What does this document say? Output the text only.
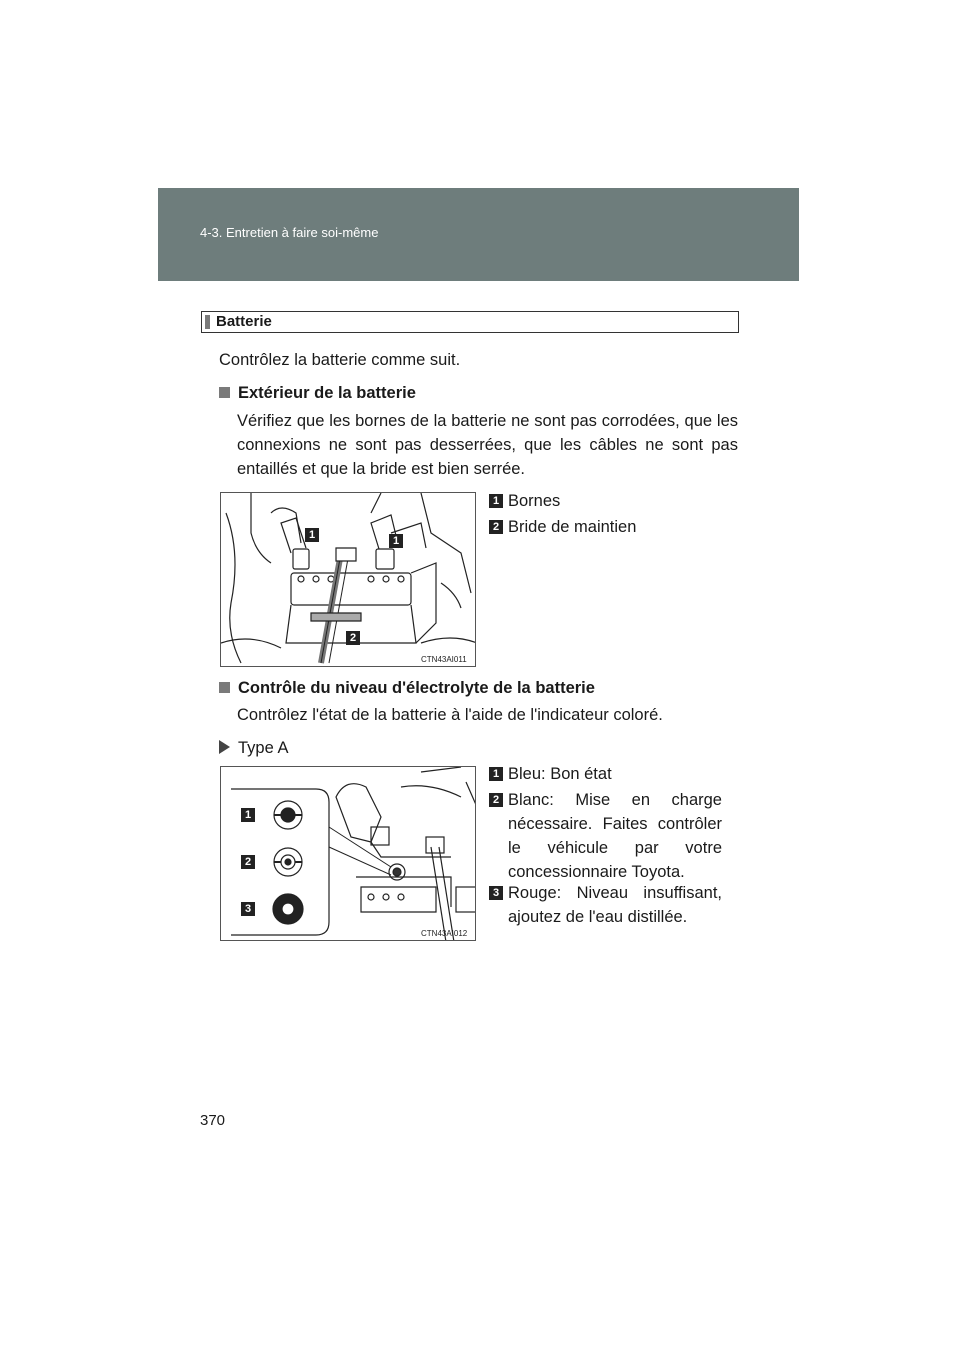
4-3. Entretien à faire soi-même
Batterie
Contrôlez la batterie comme suit.
Extérieur de la batterie
Vérifiez que les bornes de la batterie ne sont pas corrodées, que les connexions ne sont pas desserrées, que les câbles ne sont pas entaillés et que la bride est bien serrée.
CTN43AI011
1	1
2
1 Bornes
2 Bride de maintien
Contrôle du niveau d'électrolyte de la batterie
Contrôlez l'état de la batterie à l'aide de l'indicateur coloré.
Type A
CTN43AI012
1
2
3
1 Bleu: Bon état
2 Blanc: Mise en charge nécessaire. Faites contrôler le véhicule par votre concessionnaire Toyota.
3 Rouge: Niveau insuffisant, ajoutez de l'eau distillée.
370
